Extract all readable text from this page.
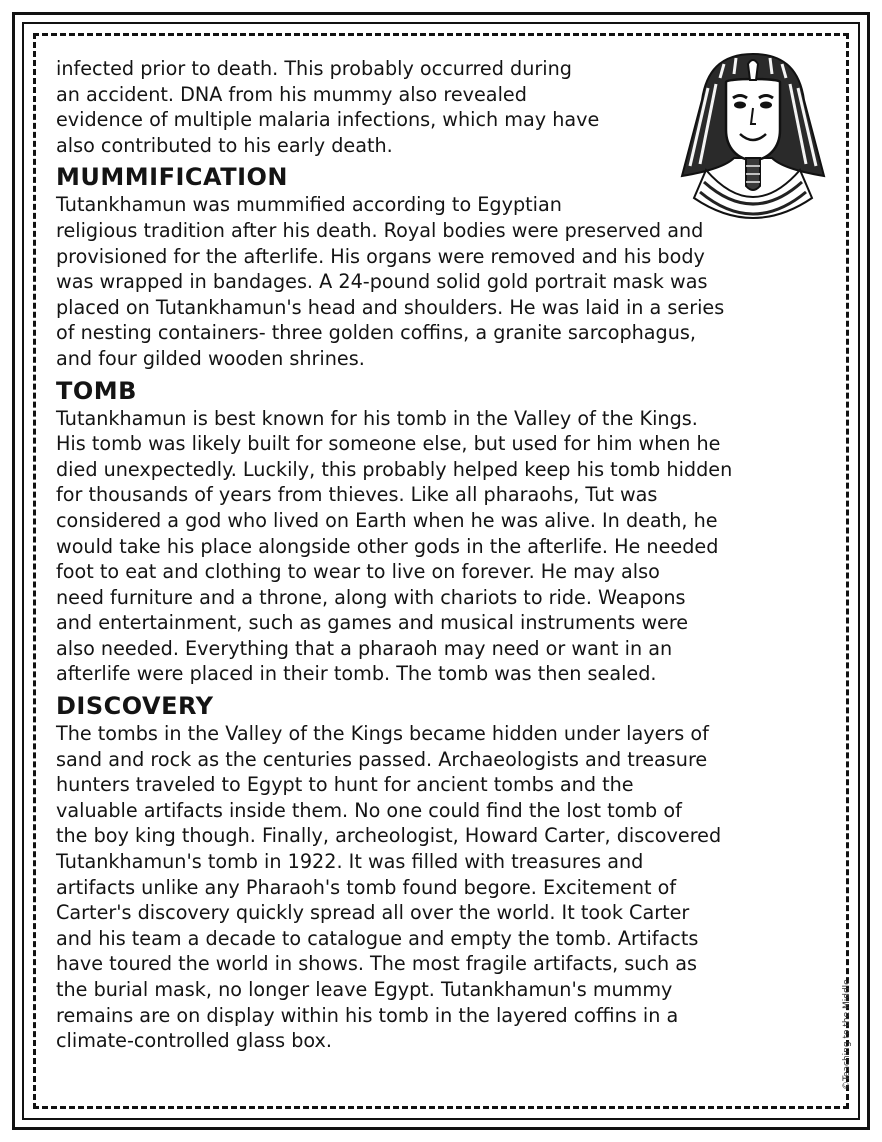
infected prior to death. This probably occurred during
an accident. DNA from his mummy also revealed
evidence of multiple malaria infections, which may have
also contributed to his early death.

MUMMIFICATION

Tutankhamun was mummified according to Egyptian
religious tradition after his death. Royal bodies were preserved and
provisioned for the afterlife. His organs were removed and his body
was wrapped in bandages. A 24-pound solid gold portrait mask was
placed on Tutankhamun's head and shoulders. He was laid in a series
of nesting containers- three golden coffins, a granite sarcophagus,
and four gilded wooden shrines.

TOMB

Tutankhamun is best known for his tomb in the Valley of the Kings.
His tomb was likely built for someone else, but used for him when he
died unexpectedly. Luckily, this probably helped keep his tomb hidden
for thousands of years from thieves. Like all pharaohs, Tut was
considered a god who lived on Earth when he was alive. In death, he
would take his place alongside other gods in the afterlife. He needed
foot to eat and clothing to wear to live on forever. He may also
need furniture and a throne, along with chariots to ride. Weapons
and entertainment, such as games and musical instruments were
also needed. Everything that a pharaoh may need or want in an
afterlife were placed in their tomb. The tomb was then sealed.

DISCOVERY

The tombs in the Valley of the Kings became hidden under layers of
sand and rock as the centuries passed. Archaeologists and treasure
hunters traveled to Egypt to hunt for ancient tombs and the
valuable artifacts inside them. No one could find the lost tomb of
the boy king though. Finally, archeologist, Howard Carter, discovered
Tutankhamun's tomb in 1922. It was filled with treasures and
artifacts unlike any Pharaoh's tomb found begore. Excitement of
Carter's discovery quickly spread all over the world. It took Carter
and his team a decade to catalogue and empty the tomb. Artifacts
have toured the world in shows. The most fragile artifacts, such as
the burial mask, no longer leave Egypt. Tutankhamun's mummy
remains are on display within his tomb in the layered coffins in a
climate-controlled glass box.	©Teaching to the Middle
